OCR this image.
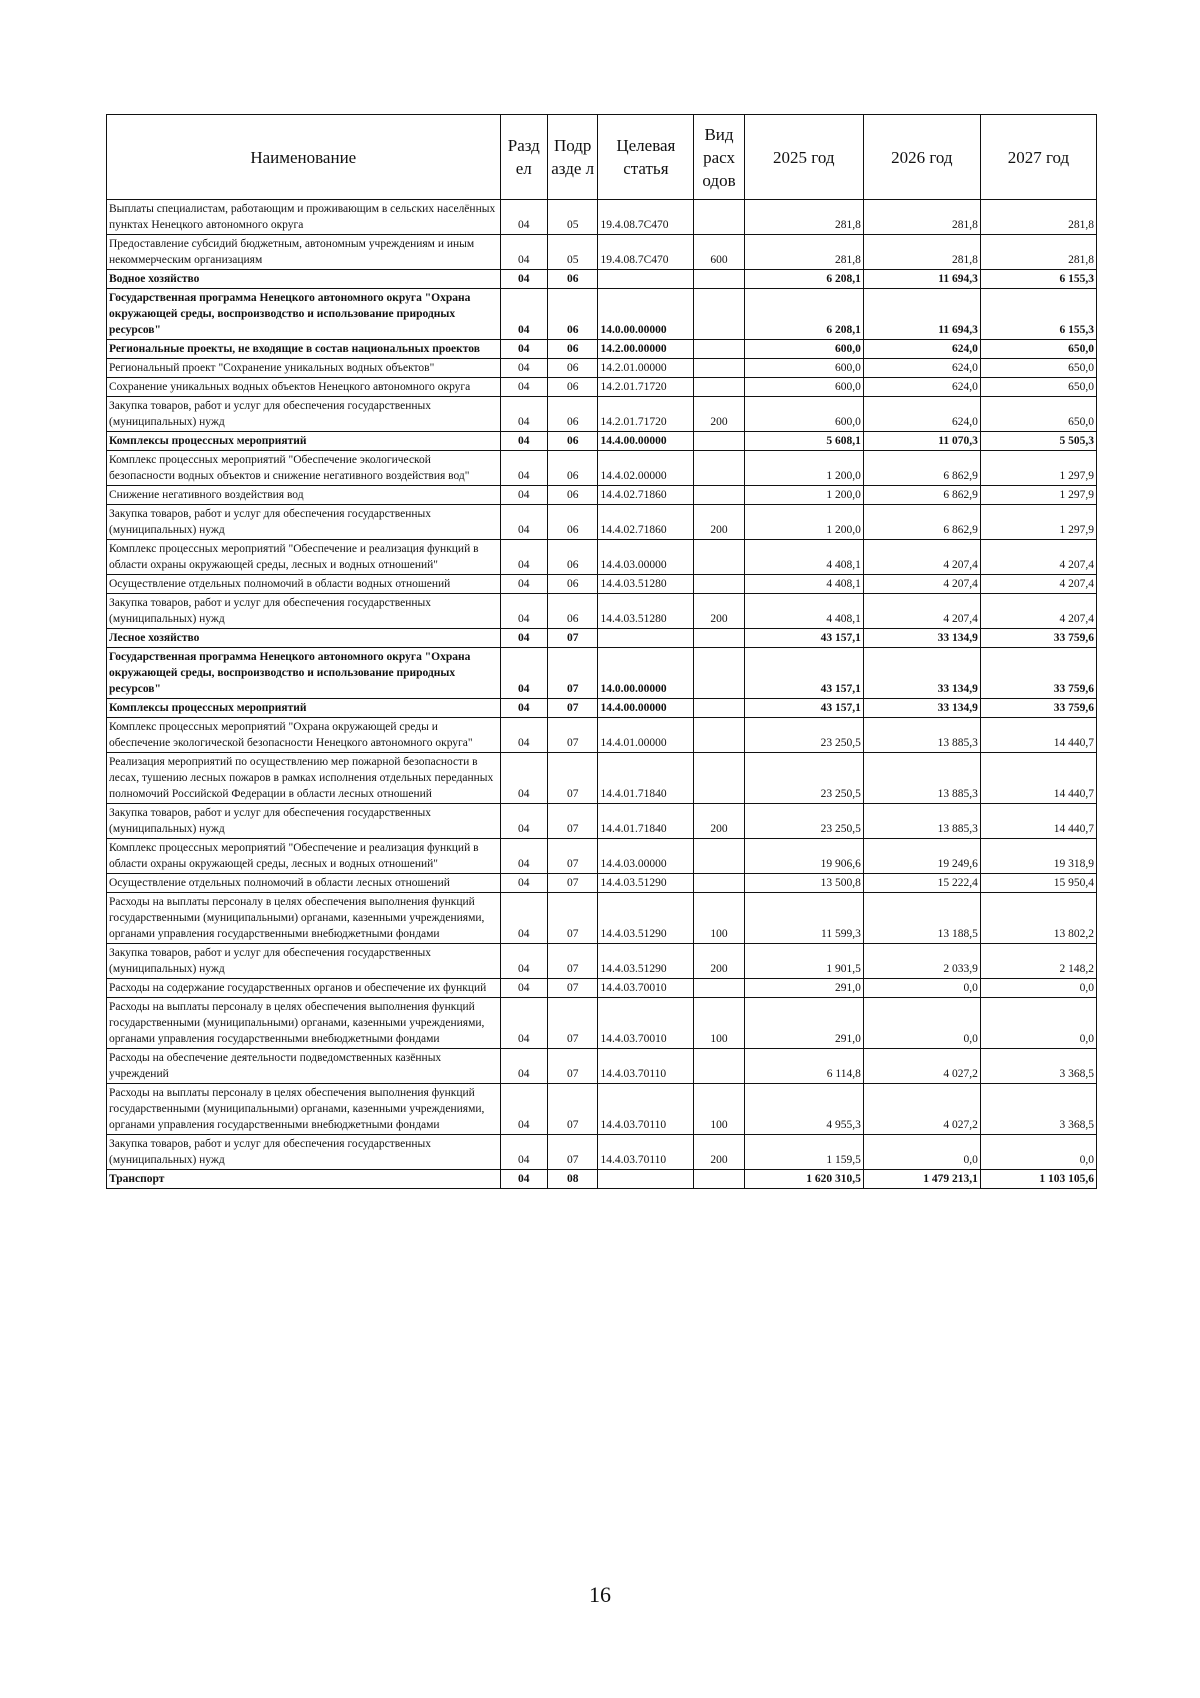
Наименование	Разд ел	Подр азде л	Целевая статья	Вид расх одов	2025 год	2026 год	2027 год
Выплаты специалистам, работающим и проживающим в сельских населённых пунктах Ненецкого автономного округа	04	05	19.4.08.7С470		281,8	281,8	281,8
Предоставление субсидий бюджетным, автономным учреждениям и иным некоммерческим организациям	04	05	19.4.08.7С470	600	281,8	281,8	281,8
Водное хозяйство	04	06			6 208,1	11 694,3	6 155,3
Государственная программа Ненецкого автономного округа "Охрана окружающей среды, воспроизводство и использование природных ресурсов"	04	06	14.0.00.00000		6 208,1	11 694,3	6 155,3
Региональные проекты, не входящие в состав национальных проектов	04	06	14.2.00.00000		600,0	624,0	650,0
Региональный проект "Сохранение уникальных водных объектов"	04	06	14.2.01.00000		600,0	624,0	650,0
Сохранение уникальных водных объектов Ненецкого автономного округа	04	06	14.2.01.71720		600,0	624,0	650,0
Закупка товаров, работ и услуг для обеспечения государственных (муниципальных) нужд	04	06	14.2.01.71720	200	600,0	624,0	650,0
Комплексы процессных мероприятий	04	06	14.4.00.00000		5 608,1	11 070,3	5 505,3
Комплекс процессных мероприятий "Обеспечение экологической безопасности водных объектов и снижение негативного воздействия вод"	04	06	14.4.02.00000		1 200,0	6 862,9	1 297,9
Снижение негативного воздействия вод	04	06	14.4.02.71860		1 200,0	6 862,9	1 297,9
Закупка товаров, работ и услуг для обеспечения государственных (муниципальных) нужд	04	06	14.4.02.71860	200	1 200,0	6 862,9	1 297,9
Комплекс процессных мероприятий "Обеспечение и реализация функций в области охраны окружающей среды, лесных и водных отношений"	04	06	14.4.03.00000		4 408,1	4 207,4	4 207,4
Осуществление отдельных полномочий в области водных отношений	04	06	14.4.03.51280		4 408,1	4 207,4	4 207,4
Закупка товаров, работ и услуг для обеспечения государственных (муниципальных) нужд	04	06	14.4.03.51280	200	4 408,1	4 207,4	4 207,4
Лесное хозяйство	04	07			43 157,1	33 134,9	33 759,6
Государственная программа Ненецкого автономного округа "Охрана окружающей среды, воспроизводство и использование природных ресурсов"	04	07	14.0.00.00000		43 157,1	33 134,9	33 759,6
Комплексы процессных мероприятий	04	07	14.4.00.00000		43 157,1	33 134,9	33 759,6
Комплекс процессных мероприятий "Охрана окружающей среды и обеспечение экологической безопасности Ненецкого автономного округа"	04	07	14.4.01.00000		23 250,5	13 885,3	14 440,7
Реализация мероприятий по осуществлению мер пожарной безопасности в лесах, тушению лесных пожаров в рамках исполнения отдельных переданных полномочий Российской Федерации в области лесных отношений	04	07	14.4.01.71840		23 250,5	13 885,3	14 440,7
Закупка товаров, работ и услуг для обеспечения государственных (муниципальных) нужд	04	07	14.4.01.71840	200	23 250,5	13 885,3	14 440,7
Комплекс процессных мероприятий "Обеспечение и реализация функций в области охраны окружающей среды, лесных и водных отношений"	04	07	14.4.03.00000		19 906,6	19 249,6	19 318,9
Осуществление отдельных полномочий в области лесных отношений	04	07	14.4.03.51290		13 500,8	15 222,4	15 950,4
Расходы на выплаты персоналу в целях обеспечения выполнения функций государственными (муниципальными) органами, казенными учреждениями, органами управления государственными внебюджетными фондами	04	07	14.4.03.51290	100	11 599,3	13 188,5	13 802,2
Закупка товаров, работ и услуг для обеспечения государственных (муниципальных) нужд	04	07	14.4.03.51290	200	1 901,5	2 033,9	2 148,2
Расходы на содержание государственных органов и обеспечение их функций	04	07	14.4.03.70010		291,0	0,0	0,0
Расходы на выплаты персоналу в целях обеспечения выполнения функций государственными (муниципальными) органами, казенными учреждениями, органами управления государственными внебюджетными фондами	04	07	14.4.03.70010	100	291,0	0,0	0,0
Расходы на обеспечение деятельности подведомственных казённых учреждений	04	07	14.4.03.70110		6 114,8	4 027,2	3 368,5
Расходы на выплаты персоналу в целях обеспечения выполнения функций государственными (муниципальными) органами, казенными учреждениями, органами управления государственными внебюджетными фондами	04	07	14.4.03.70110	100	4 955,3	4 027,2	3 368,5
Закупка товаров, работ и услуг для обеспечения государственных (муниципальных) нужд	04	07	14.4.03.70110	200	1 159,5	0,0	0,0
Транспорт	04	08			1 620 310,5	1 479 213,1	1 103 105,6
16
